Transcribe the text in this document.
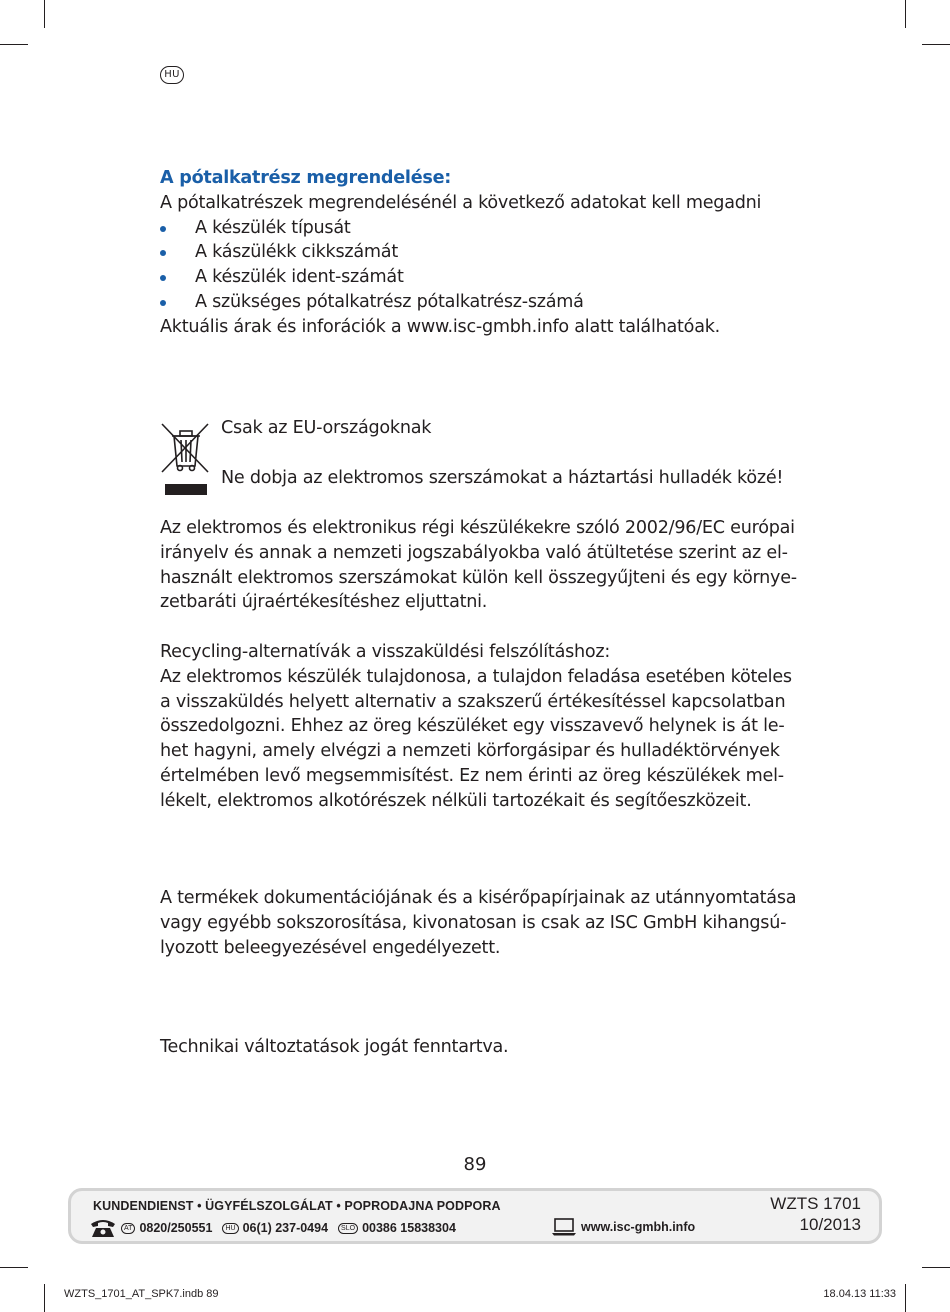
HU

A pótalkatrész megrendelése:

A pótalkatrészek megrendelésénél a következő adatokat kell megadni

A készülék típusát
A kászülékk cikkszámát
A készülék ident-számát
A szükséges pótalkatrész pótalkatrész-számá

Aktuális árak és inforációk a www.isc-gmbh.info alatt találhatóak.

Csak az EU-országoknak
Ne dobja az elektromos szerszámokat a háztartási hulladék közé!
Az elektromos és elektronikus régi készülékekre szóló 2002/96/EC európai
irányelv és annak a nemzeti jogszabályokba való átültetése szerint az el-
használt elektromos szerszámokat külön kell összegyűjteni és egy környe-
zetbaráti újraértékesítéshez eljuttatni.
Recycling-alternatívák a visszaküldési felszólításhoz:
Az elektromos készülék tulajdonosa, a tulajdon feladása esetében köteles
a visszaküldés helyett alternativ a szakszerű értékesítéssel kapcsolatban
összedolgozni. Ehhez az öreg készüléket egy visszavevő helynek is át le-
het hagyni, amely elvégzi a nemzeti körforgásipar és hulladéktörvények
értelmében levő megsemmisítést. Ez nem érinti az öreg készülékek mel-
lékelt, elektromos alkotórészek nélküli tartozékait és segítőeszközeit.
A termékek dokumentációjának és a kisérőpapírjainak az utánnyomtatása
vagy egyébb sokszorosítása, kivonatosan is csak az ISC GmbH kihangsú-
lyozott beleegyezésével engedélyezett.
Technikai változtatások jogát fenntartva.
89
KUNDENDIENST • ÜGYFÉLSZOLGÁLAT • POPRODAJNA PODPORA
AT 0820/250551	HU 06(1) 237-0494	SLO 00386 15838304	www.isc-gmbh.info
WZTS 1701
10/2013
WZTS_1701_AT_SPK7.indb 89	18.04.13 11:33
